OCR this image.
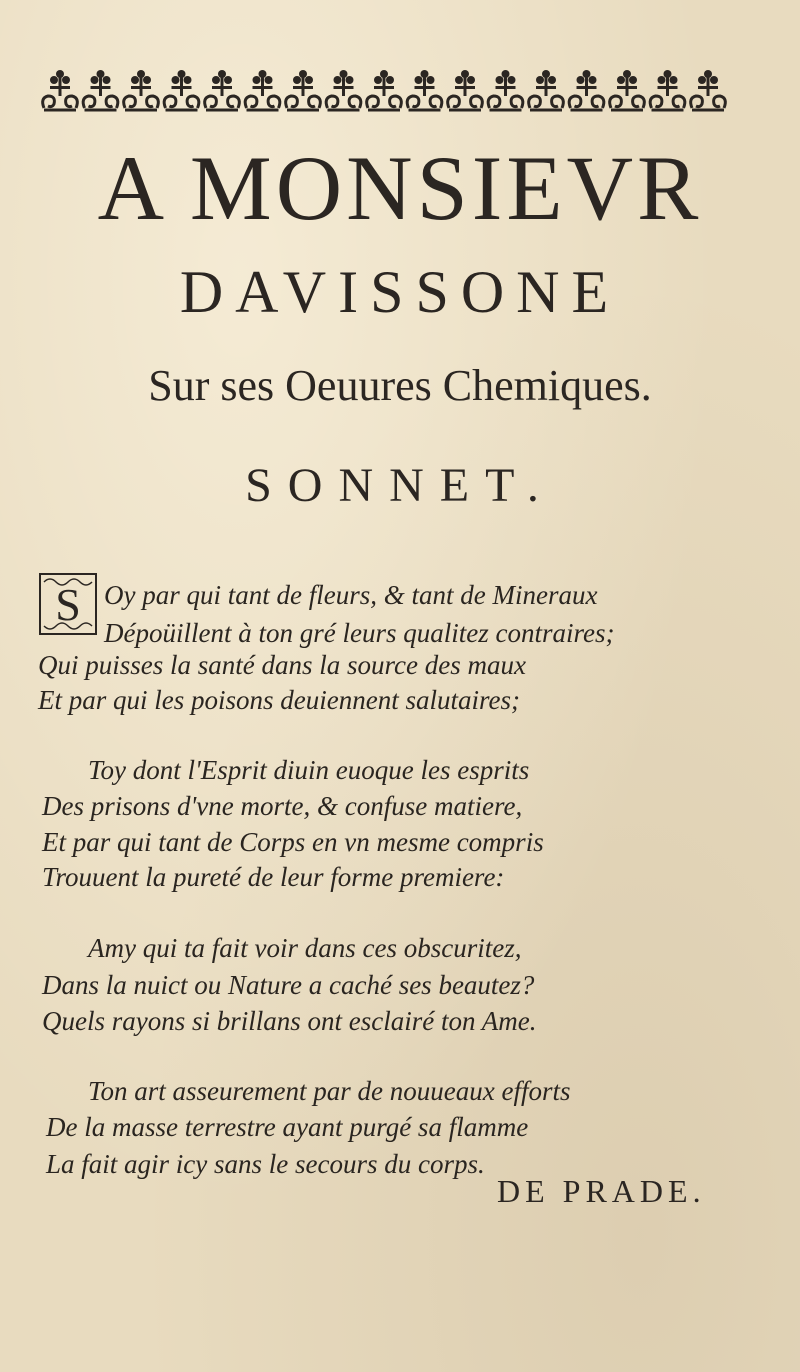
A MONSIEVR
DAVISSONE
Sur ses Oeuures Chemiques.
SONNET.
S Oy par qui tant de fleurs, & tant de Mineraux
Dépoüillent à ton gré leurs qualitez contraires;
Qui puisses la santé dans la source des maux
Et par qui les poisons deuiennent salutaires;
Toy dont l'Esprit diuin euoque les esprits
Des prisons d'vne morte, & confuse matiere,
Et par qui tant de Corps en vn mesme compris
Trouuent la pureté de leur forme premiere:
Amy qui ta fait voir dans ces obscuritez,
Dans la nuict ou Nature a caché ses beautez?
Quels rayons si brillans ont esclairé ton Ame.
Ton art asseurement par de nouueaux efforts
De la masse terrestre ayant purgé sa flamme
La fait agir icy sans le secours du corps.
DE PRADE.
